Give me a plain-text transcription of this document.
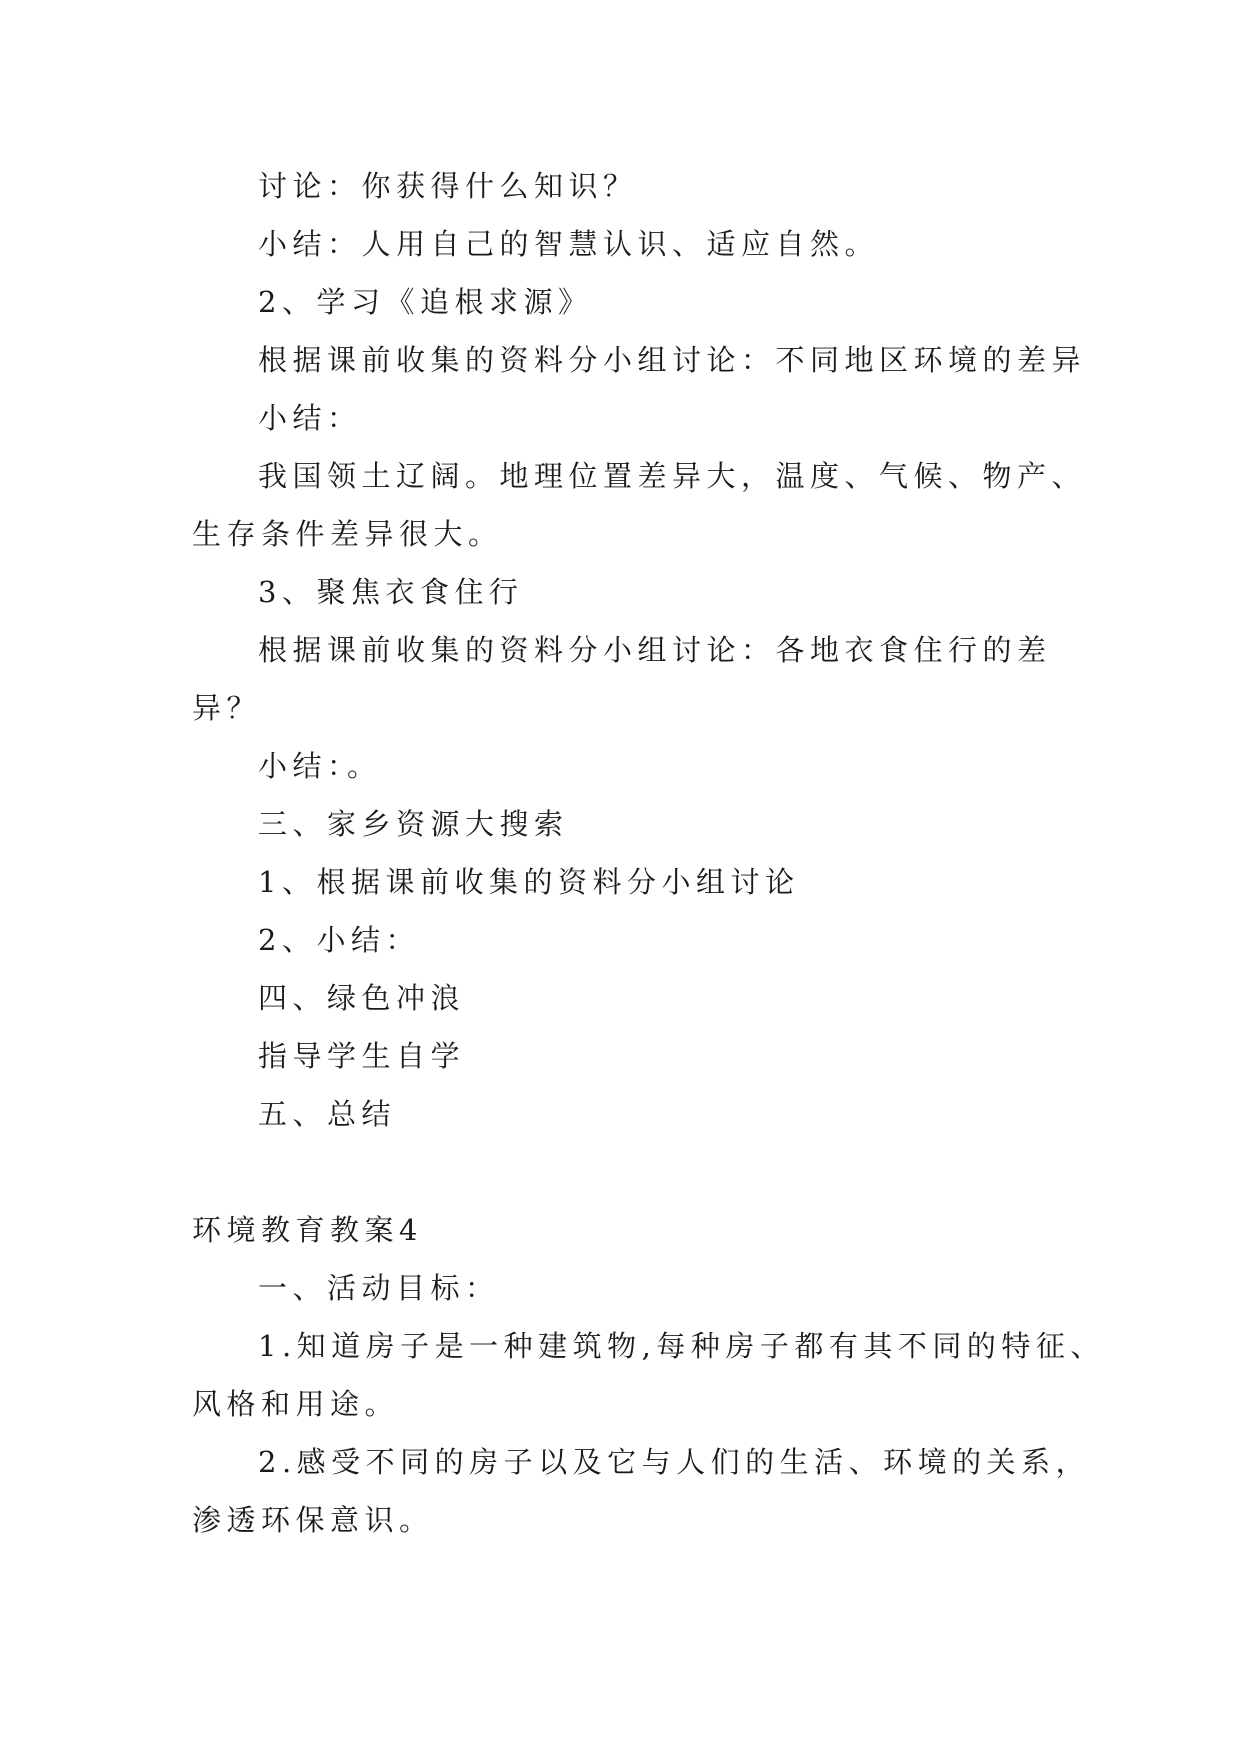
讨论：你获得什么知识？
小结：人用自己的智慧认识、适应自然。
2、学习《追根求源》
根据课前收集的资料分小组讨论：不同地区环境的差异
小结：
我国领土辽阔。地理位置差异大，温度、气候、物产、
生存条件差异很大。
3、聚焦衣食住行
根据课前收集的资料分小组讨论：各地衣食住行的差
异？
小结：。
三、家乡资源大搜索
1、根据课前收集的资料分小组讨论
2、小结：
四、绿色冲浪
指导学生自学
五、总结
环境教育教案4
一、活动目标：
1.知道房子是一种建筑物,每种房子都有其不同的特征、
风格和用途。
2.感受不同的房子以及它与人们的生活、环境的关系，
渗透环保意识。
